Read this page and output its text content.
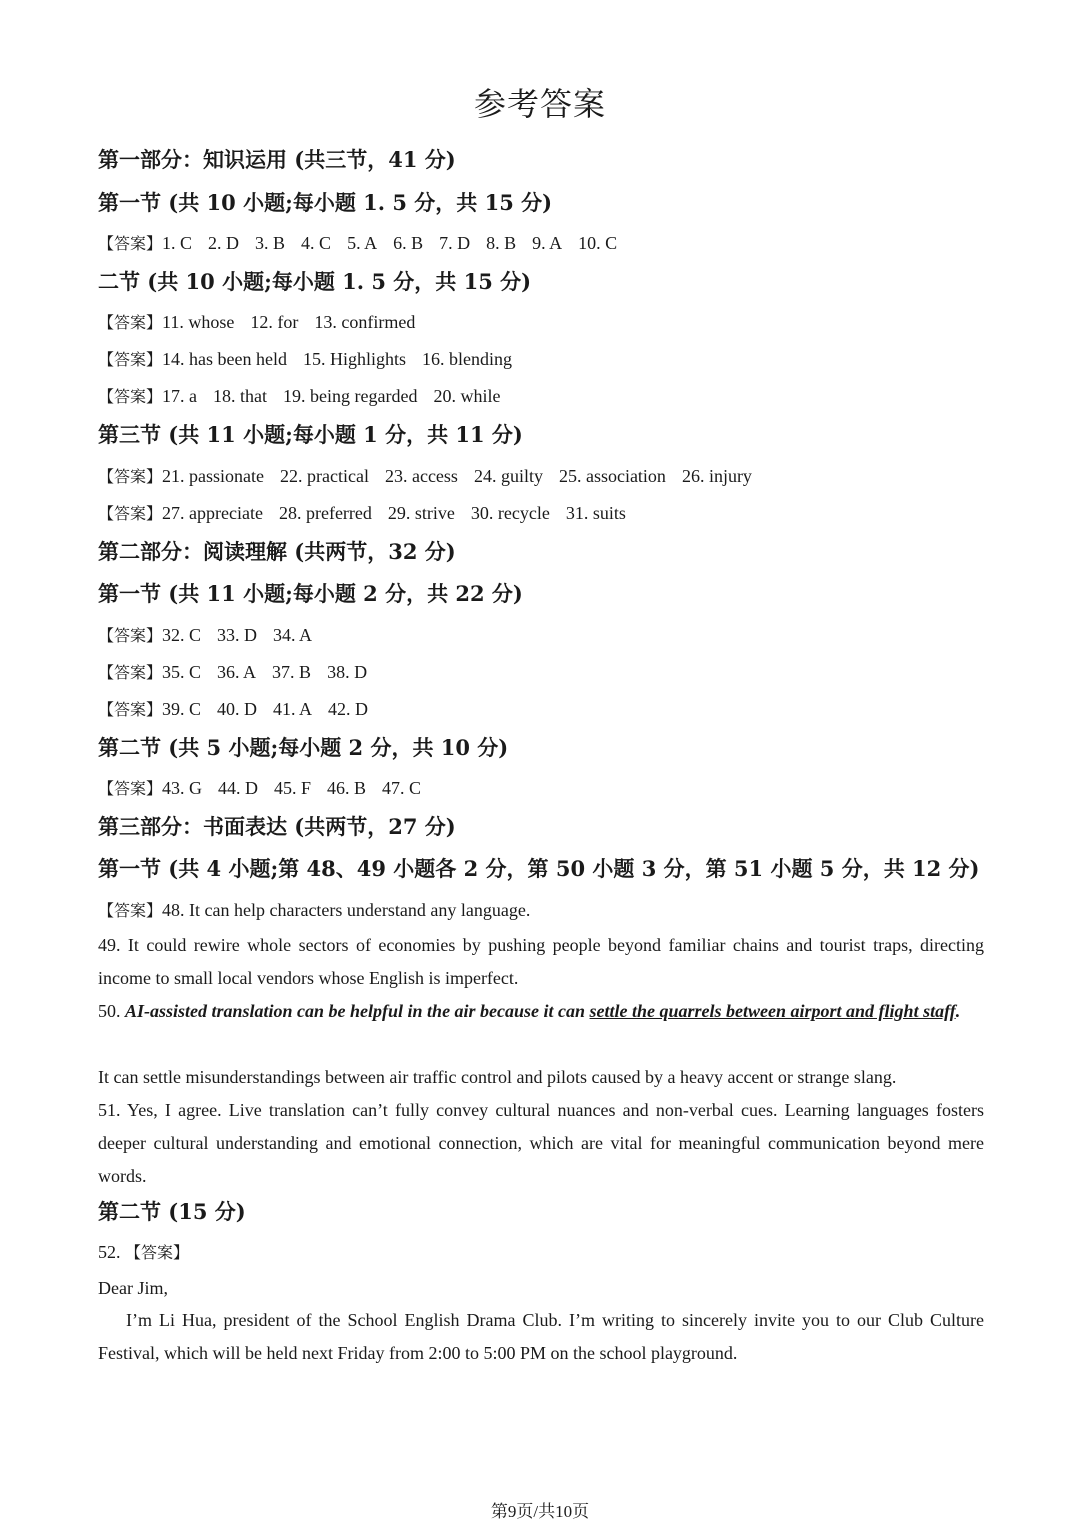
参考答案
第一部分：知识运用 (共三节，41 分)
第一节 (共 10 小题;每小题 1. 5 分，共 15 分)
【答案】1. C 2. D 3. B 4. C 5. A 6. B 7. D 8. B 9. A 10. C
二节 (共 10 小题;每小题 1. 5 分，共 15 分)
【答案】11. whose 12. for 13. confirmed
【答案】14. has been held 15. Highlights 16. blending
【答案】17. a 18. that 19. being regarded 20. while
第三节 (共 11 小题;每小题 1 分，共 11 分)
【答案】21. passionate 22. practical 23. access 24. guilty 25. association 26. injury
【答案】27. appreciate 28. preferred 29. strive 30. recycle 31. suits
第二部分：阅读理解 (共两节，32 分)
第一节 (共 11 小题;每小题 2 分，共 22 分)
【答案】32. C 33. D 34. A
【答案】35. C 36. A 37. B 38. D
【答案】39. C 40. D 41. A 42. D
第二节 (共 5 小题;每小题 2 分，共 10 分)
【答案】43. G 44. D 45. F 46. B 47. C
第三部分：书面表达 (共两节，27 分)
第一节 (共 4 小题;第 48、49 小题各 2 分，第 50 小题 3 分，第 51 小题 5 分，共 12 分)
【答案】48. It can help characters understand any language.
49. It could rewire whole sectors of economies by pushing people beyond familiar chains and tourist traps, directing income to small local vendors whose English is imperfect.
50. AI-assisted translation can be helpful in the air because it can settle the quarrels between airport and flight staff.
It can settle misunderstandings between air traffic control and pilots caused by a heavy accent or strange slang.
51. Yes, I agree. Live translation can’t fully convey cultural nuances and non-verbal cues. Learning languages fosters deeper cultural understanding and emotional connection, which are vital for meaningful communication beyond mere words.
第二节 (15 分)
52. 【答案】
Dear Jim,
I’m Li Hua, president of the School English Drama Club. I’m writing to sincerely invite you to our Club Culture Festival, which will be held next Friday from 2:00 to 5:00 PM on the school playground.
第9页/共10页
